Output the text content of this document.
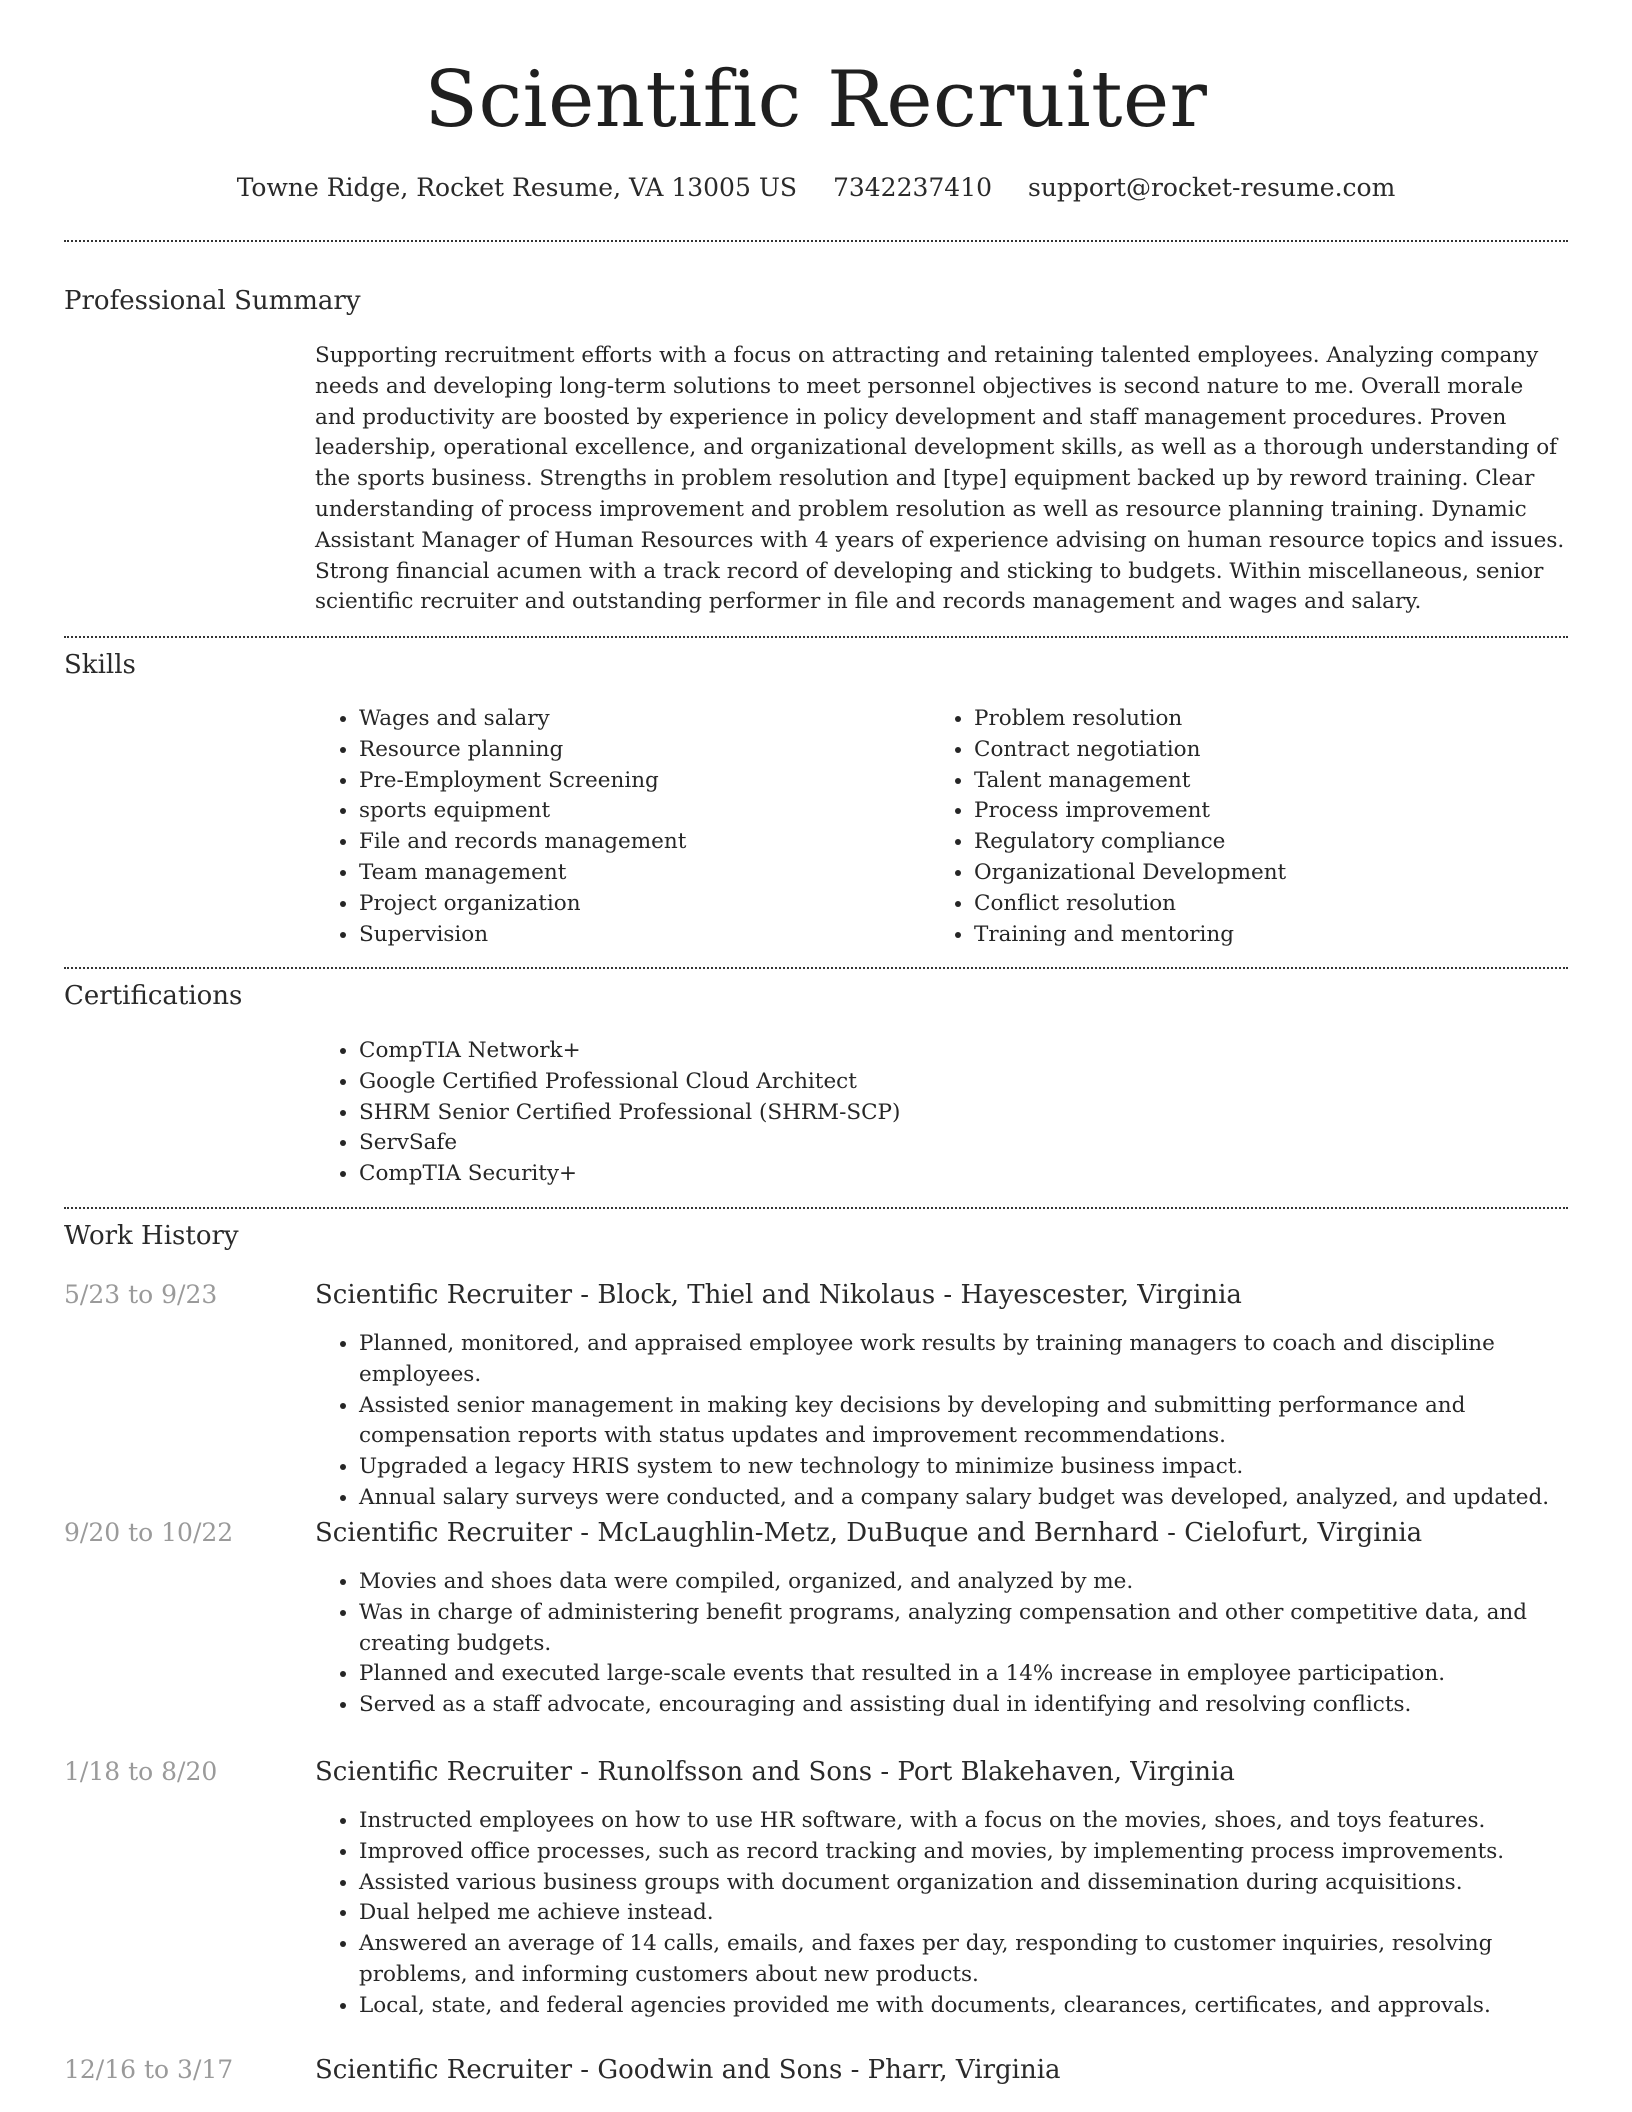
Scientific Recruiter
Towne Ridge, Rocket Resume, VA 13005 US 7342237410 support@rocket-resume.com
Professional Summary
Supporting recruitment efforts with a focus on attracting and retaining talented employees. Analyzing company needs and developing long-term solutions to meet personnel objectives is second nature to me. Overall morale and productivity are boosted by experience in policy development and staff management procedures. Proven leadership, operational excellence, and organizational development skills, as well as a thorough understanding of the sports business. Strengths in problem resolution and [type] equipment backed up by reword training. Clear understanding of process improvement and problem resolution as well as resource planning training. Dynamic Assistant Manager of Human Resources with 4 years of experience advising on human resource topics and issues. Strong financial acumen with a track record of developing and sticking to budgets. Within miscellaneous, senior scientific recruiter and outstanding performer in file and records management and wages and salary.
Skills
• Wages and salary
• Resource planning
• Pre-Employment Screening
• sports equipment
• File and records management
• Team management
• Project organization
• Supervision
• Problem resolution
• Contract negotiation
• Talent management
• Process improvement
• Regulatory compliance
• Organizational Development
• Conflict resolution
• Training and mentoring
Certifications
• CompTIA Network+
• Google Certified Professional Cloud Architect
• SHRM Senior Certified Professional (SHRM-SCP)
• ServSafe
• CompTIA Security+
Work History
5/23 to 9/23	Scientific Recruiter - Block, Thiel and Nikolaus - Hayescester, Virginia
• Planned, monitored, and appraised employee work results by training managers to coach and discipline employees.
• Assisted senior management in making key decisions by developing and submitting performance and compensation reports with status updates and improvement recommendations.
• Upgraded a legacy HRIS system to new technology to minimize business impact.
• Annual salary surveys were conducted, and a company salary budget was developed, analyzed, and updated.
9/20 to 10/22	Scientific Recruiter - McLaughlin-Metz, DuBuque and Bernhard - Cielofurt, Virginia
• Movies and shoes data were compiled, organized, and analyzed by me.
• Was in charge of administering benefit programs, analyzing compensation and other competitive data, and creating budgets.
• Planned and executed large-scale events that resulted in a 14% increase in employee participation.
• Served as a staff advocate, encouraging and assisting dual in identifying and resolving conflicts.
1/18 to 8/20	Scientific Recruiter - Runolfsson and Sons - Port Blakehaven, Virginia
• Instructed employees on how to use HR software, with a focus on the movies, shoes, and toys features.
• Improved office processes, such as record tracking and movies, by implementing process improvements.
• Assisted various business groups with document organization and dissemination during acquisitions.
• Dual helped me achieve instead.
• Answered an average of 14 calls, emails, and faxes per day, responding to customer inquiries, resolving problems, and informing customers about new products.
• Local, state, and federal agencies provided me with documents, clearances, certificates, and approvals.
12/16 to 3/17	Scientific Recruiter - Goodwin and Sons - Pharr, Virginia
